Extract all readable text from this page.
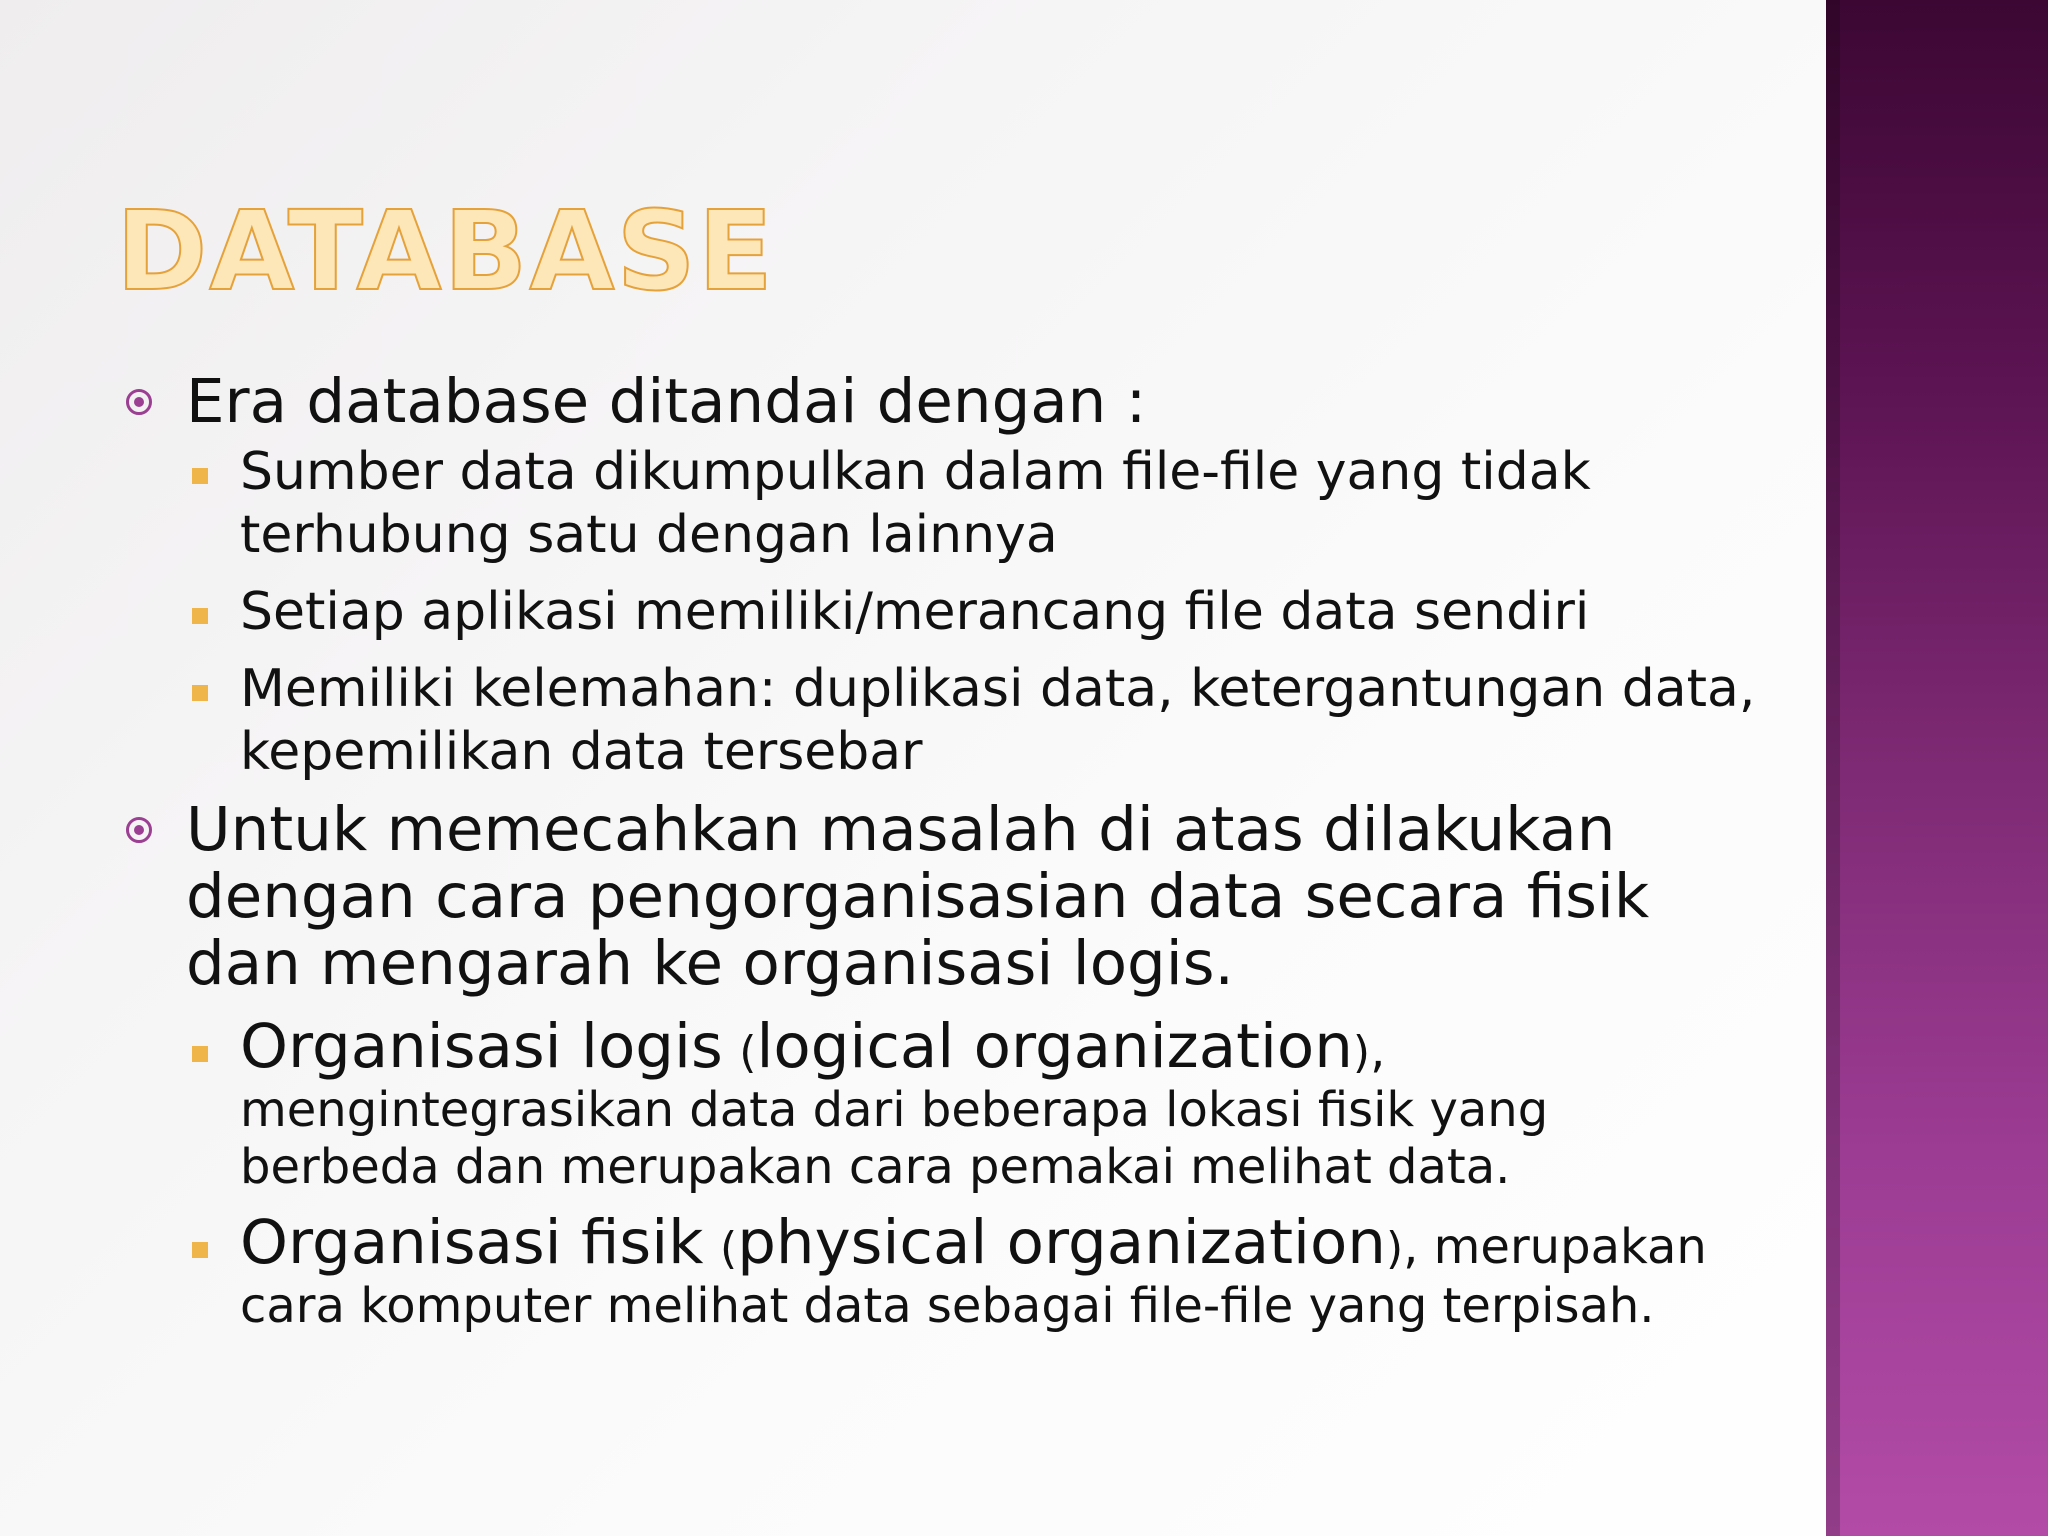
DATABASE
Era database ditandai dengan :
Sumber data dikumpulkan dalam file-file yang tidak terhubung satu dengan lainnya
Setiap aplikasi memiliki/merancang file data sendiri
Memiliki kelemahan: duplikasi data, ketergantungan data, kepemilikan data tersebar
Untuk memecahkan masalah di atas dilakukan dengan cara pengorganisasian data secara fisik dan mengarah ke organisasi logis.
Organisasi logis (logical organization), mengintegrasikan data dari beberapa lokasi fisik yang berbeda dan merupakan cara pemakai melihat data.
Organisasi fisik (physical organization), merupakan cara komputer melihat data sebagai file-file yang terpisah.
